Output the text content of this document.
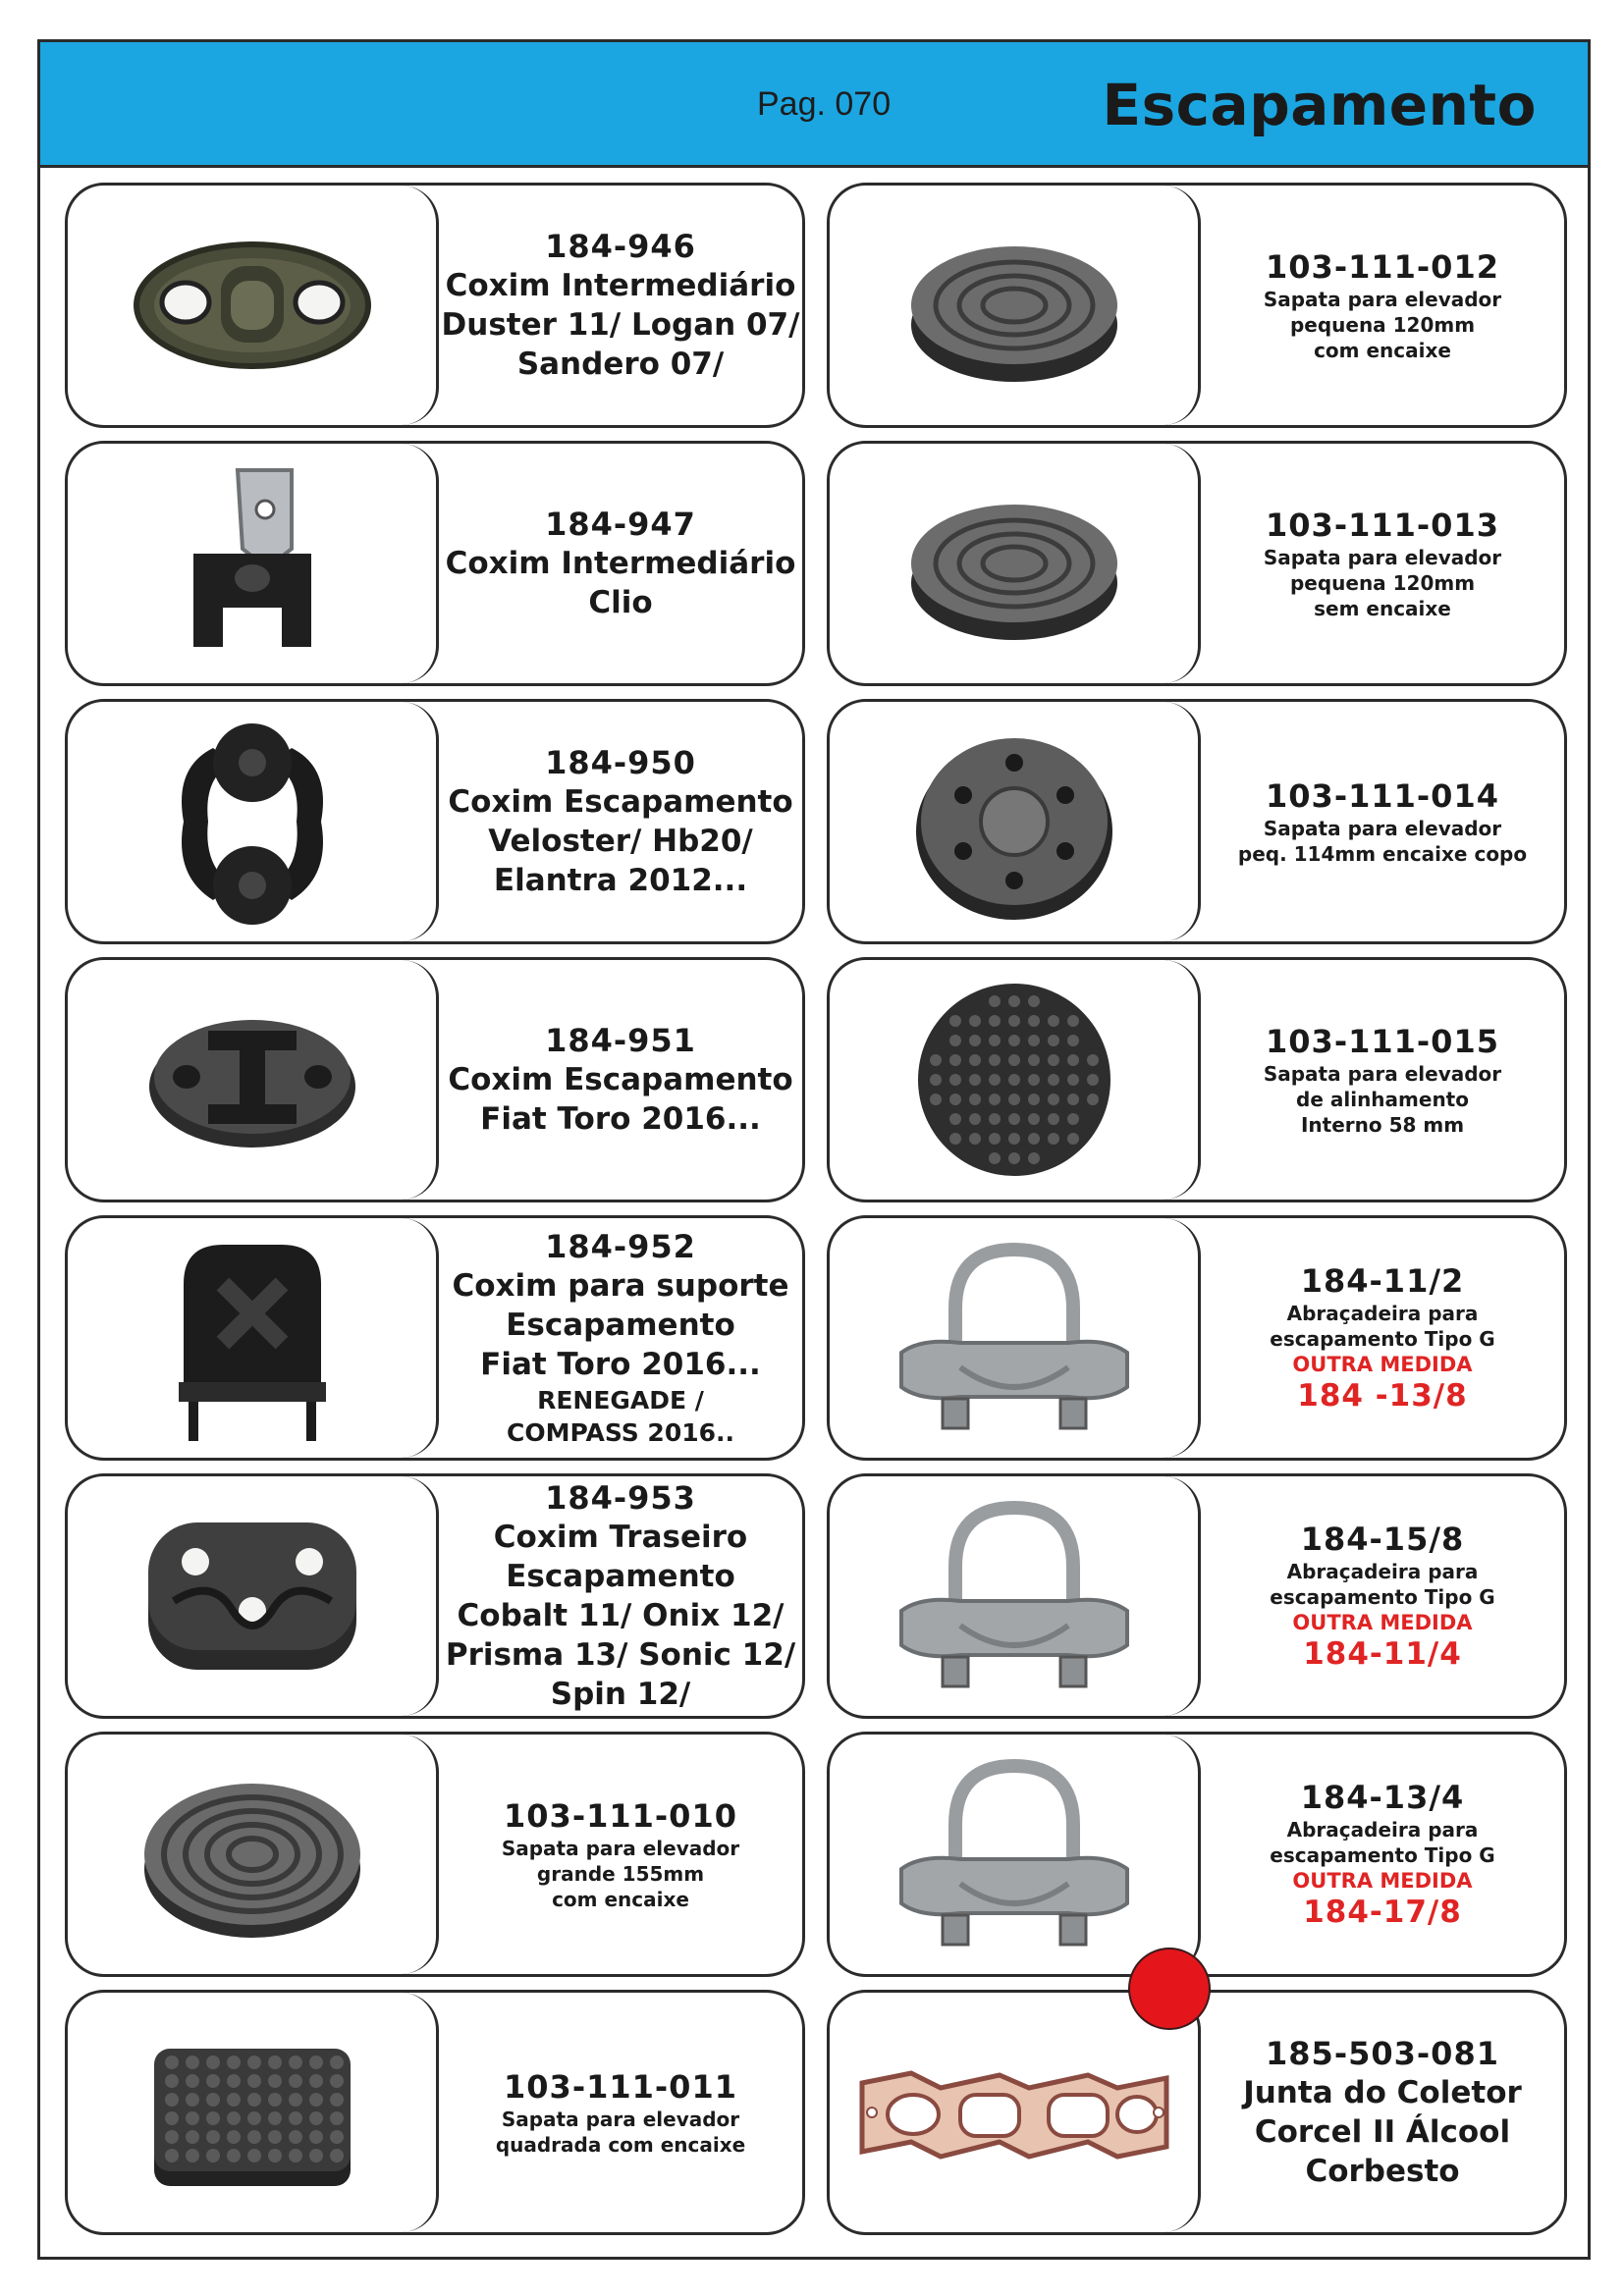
Pag. 070	Escapamento
184-946
Coxim Intermediário
Duster 11/ Logan 07/
Sandero 07/
184-947
Coxim Intermediário
Clio
184-950
Coxim Escapamento
Veloster/ Hb20/
Elantra 2012...
184-951
Coxim Escapamento
Fiat Toro 2016...
184-952
Coxim para suporte
Escapamento
Fiat Toro 2016...
RENEGADE /
COMPASS 2016..
184-953
Coxim Traseiro
Escapamento
Cobalt 11/ Onix 12/
Prisma 13/ Sonic 12/
Spin 12/
103-111-010
Sapata para elevador
grande 155mm
com encaixe
103-111-011
Sapata para elevador
quadrada com encaixe
103-111-012
Sapata para elevador
pequena 120mm
com encaixe
103-111-013
Sapata para elevador
pequena 120mm
sem encaixe
103-111-014
Sapata para elevador
peq. 114mm encaixe copo
103-111-015
Sapata para elevador
de alinhamento
Interno 58 mm
184-11/2
Abraçadeira para
escapamento Tipo G
OUTRA MEDIDA
184 -13/8
184-15/8
Abraçadeira para
escapamento Tipo G
OUTRA MEDIDA
184-11/4
184-13/4
Abraçadeira para
escapamento Tipo G
OUTRA MEDIDA
184-17/8
185-503-081
Junta do Coletor
Corcel II Álcool
Corbesto
